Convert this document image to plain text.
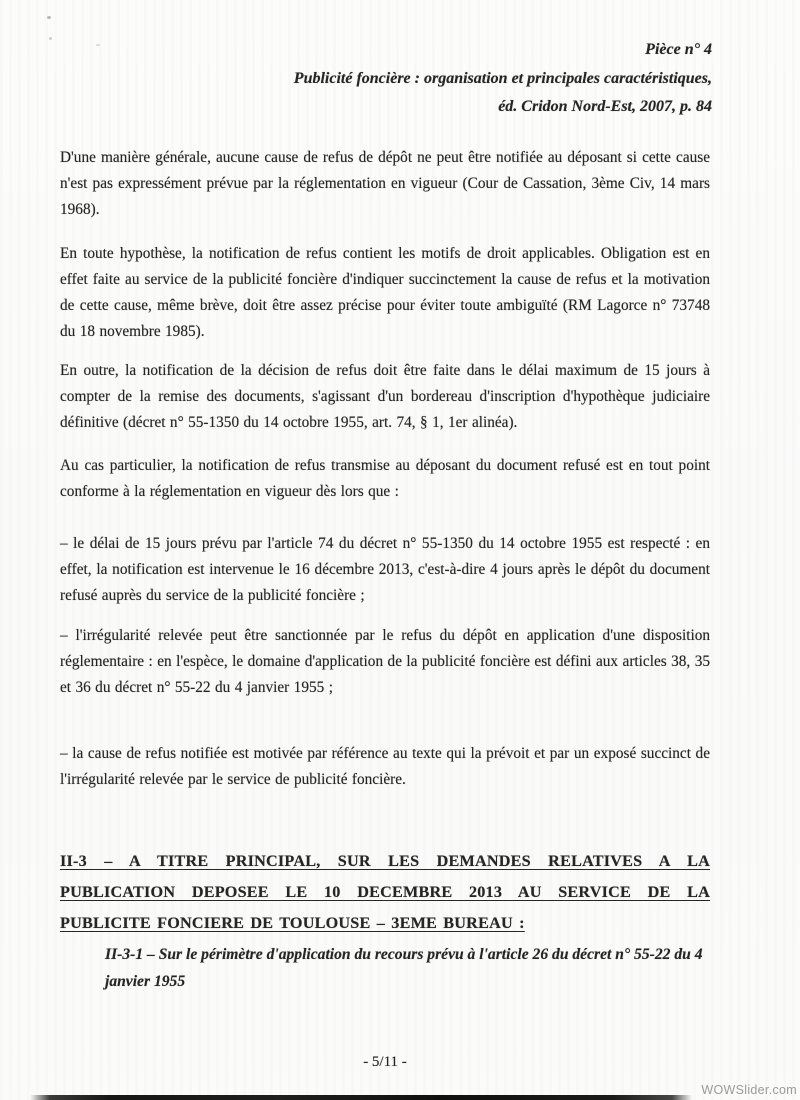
Pièce n° 4
Publicité foncière : organisation et principales caractéristiques,
éd. Cridon Nord-Est, 2007, p. 84

D'une manière générale, aucune cause de refus de dépôt ne peut être notifiée au déposant si cette cause n'est pas expressément prévue par la réglementation en vigueur (Cour de Cassation, 3ème Civ, 14 mars 1968).

En toute hypothèse, la notification de refus contient les motifs de droit applicables. Obligation est en effet faite au service de la publicité foncière d'indiquer succinctement la cause de refus et la motivation de cette cause, même brève, doit être assez précise pour éviter toute ambiguïté (RM Lagorce n° 73748 du 18 novembre 1985).

En outre, la notification de la décision de refus doit être faite dans le délai maximum de 15 jours à compter de la remise des documents, s'agissant d'un bordereau d'inscription d'hypothèque judiciaire définitive (décret n° 55-1350 du 14 octobre 1955, art. 74, § 1, 1er alinéa).

Au cas particulier, la notification de refus transmise au déposant du document refusé est en tout point conforme à la réglementation en vigueur dès lors que :

– le délai de 15 jours prévu par l'article 74 du décret n° 55-1350 du 14 octobre 1955 est respecté : en effet, la notification est intervenue le 16 décembre 2013, c'est-à-dire 4 jours après le dépôt du document refusé auprès du service de la publicité foncière ;

– l'irrégularité relevée peut être sanctionnée par le refus du dépôt en application d'une disposition réglementaire : en l'espèce, le domaine d'application de la publicité foncière est défini aux articles 38, 35 et 36 du décret n° 55-22 du 4 janvier 1955 ;

– la cause de refus notifiée est motivée par référence au texte qui la prévoit et par un exposé succinct de l'irrégularité relevée par le service de publicité foncière.

II-3 – A TITRE PRINCIPAL, SUR LES DEMANDES RELATIVES A LA PUBLICATION DEPOSEE LE 10 DECEMBRE 2013 AU SERVICE DE LA PUBLICITE FONCIERE DE TOULOUSE – 3EME BUREAU :
II-3-1 – Sur le périmètre d'application du recours prévu à l'article 26 du décret n° 55-22 du 4 janvier 1955
- 5/11 -
WOWSlider.com
